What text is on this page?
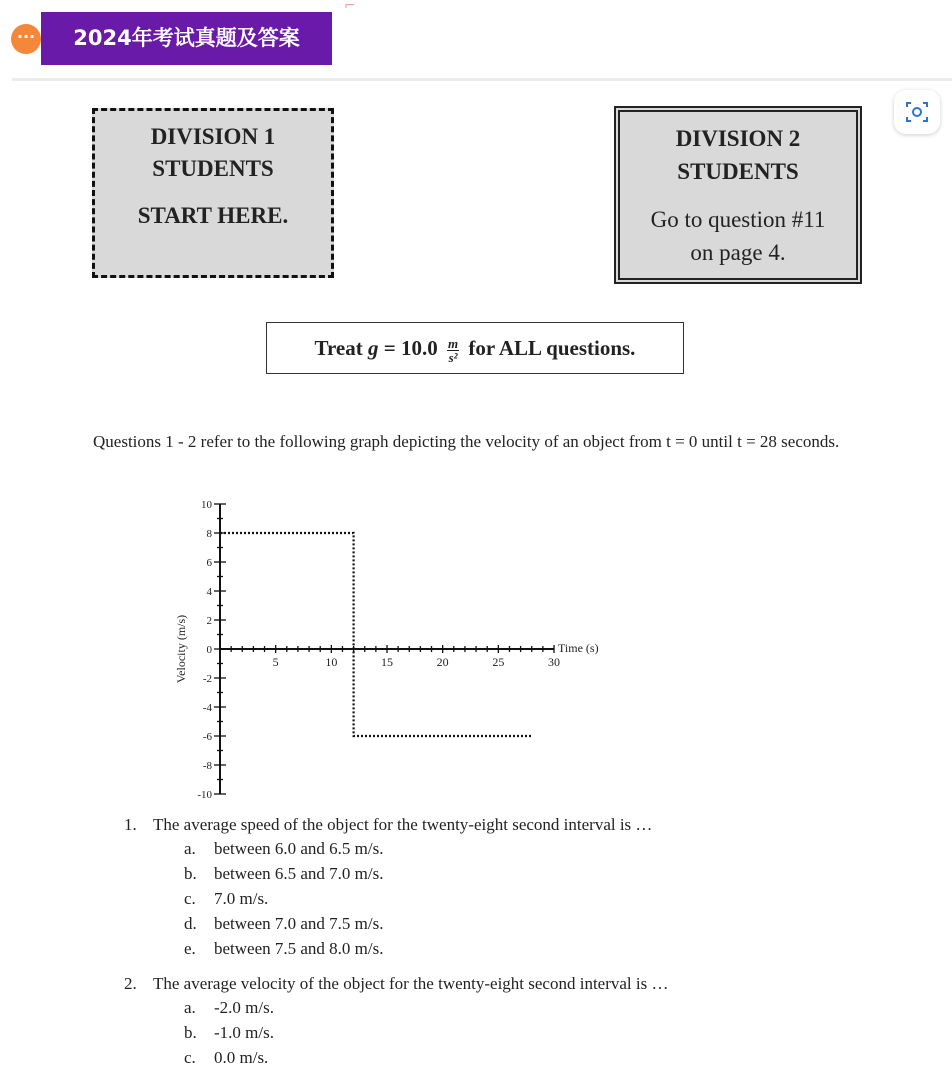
···	2024年考试真题及答案
⌐
DIVISION 1
STUDENTS
START HERE.
DIVISION 2
STUDENTS
Go to question #11
on page 4.
Treat $g = 10.0 \frac{m}{\text{s²}}$ for ALL questions.
Questions 1 - 2 refer to the following graph depicting the velocity of an object from t = 0 until t = 28 seconds.
5	10	15	20	25	30
10
8
6
4
2
0
-2
-4
-6
-8
-10
Time (s)
Velocity (m/s)
1. The average speed of the object for the twenty-eight second interval is …
a. between 6.0 and 6.5 m/s.
b. between 6.5 and 7.0 m/s.
c. 7.0 m/s.
d. between 7.0 and 7.5 m/s.
e. between 7.5 and 8.0 m/s.
2. The average velocity of the object for the twenty-eight second interval is …
a. -2.0 m/s.
b. -1.0 m/s.
c. 0.0 m/s.
